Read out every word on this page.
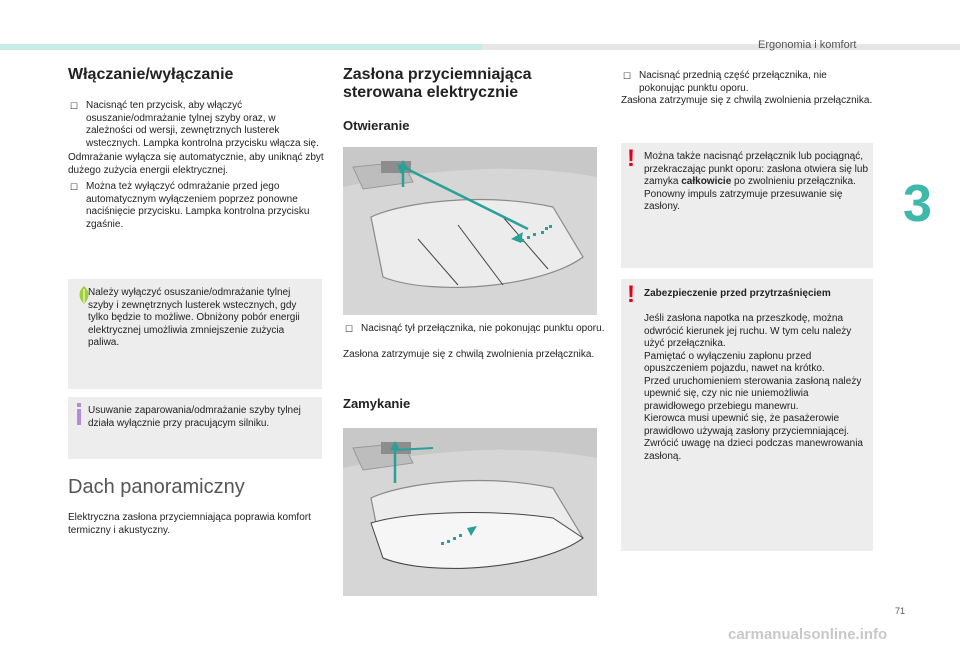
Ergonomia i komfort
3
71
carmanualsonline.info
Włączanie/wyłączanie
☐ Nacisnąć ten przycisk, aby włączyć osuszanie/odmrażanie tylnej szyby oraz, w zależności od wersji, zewnętrznych lusterek wstecznych. Lampka kontrolna przycisku włącza się.
Odmrażanie wyłącza się automatycznie, aby uniknąć zbyt dużego zużycia energii elektrycznej.
☐ Można też wyłączyć odmrażanie przed jego automatycznym wyłączeniem poprzez ponowne naciśnięcie przycisku. Lampka kontrolna przycisku zgaśnie.
Należy wyłączyć osuszanie/odmrażanie tylnej szyby i zewnętrznych lusterek wstecznych, gdy tylko będzie to możliwe. Obniżony pobór energii elektrycznej umożliwia zmniejszenie zużycia paliwa.
Usuwanie zaparowania/odmrażanie szyby tylnej działa wyłącznie przy pracującym silniku.
Dach panoramiczny
Elektryczna zasłona przyciemniająca poprawia komfort termiczny i akustyczny.
Zasłona przyciemniająca
sterowana elektrycznie
Otwieranie
☐ Nacisnąć tył przełącznika, nie pokonując punktu oporu.
Zasłona zatrzymuje się z chwilą zwolnienia przełącznika.
Zamykanie
☐ Nacisnąć przednią część przełącznika, nie pokonując punktu oporu.
Zasłona zatrzymuje się z chwilą zwolnienia przełącznika.
! Można także nacisnąć przełącznik lub pociągnąć, przekraczając punkt oporu: zasłona otwiera się lub zamyka całkowicie po zwolnieniu przełącznika. Ponowny impuls zatrzymuje przesuwanie się zasłony.
! Zabezpieczenie przed przytrzaśnięciem
Jeśli zasłona napotka na przeszkodę, można odwrócić kierunek jej ruchu. W tym celu należy użyć przełącznika.
Pamiętać o wyłączeniu zapłonu przed opuszczeniem pojazdu, nawet na krótko.
Przed uruchomieniem sterowania zasłoną należy upewnić się, czy nic nie uniemożliwia prawidłowego przebiegu manewru.
Kierowca musi upewnić się, że pasażerowie prawidłowo używają zasłony przyciemniającej.
Zwrócić uwagę na dzieci podczas manewrowania zasłoną.
